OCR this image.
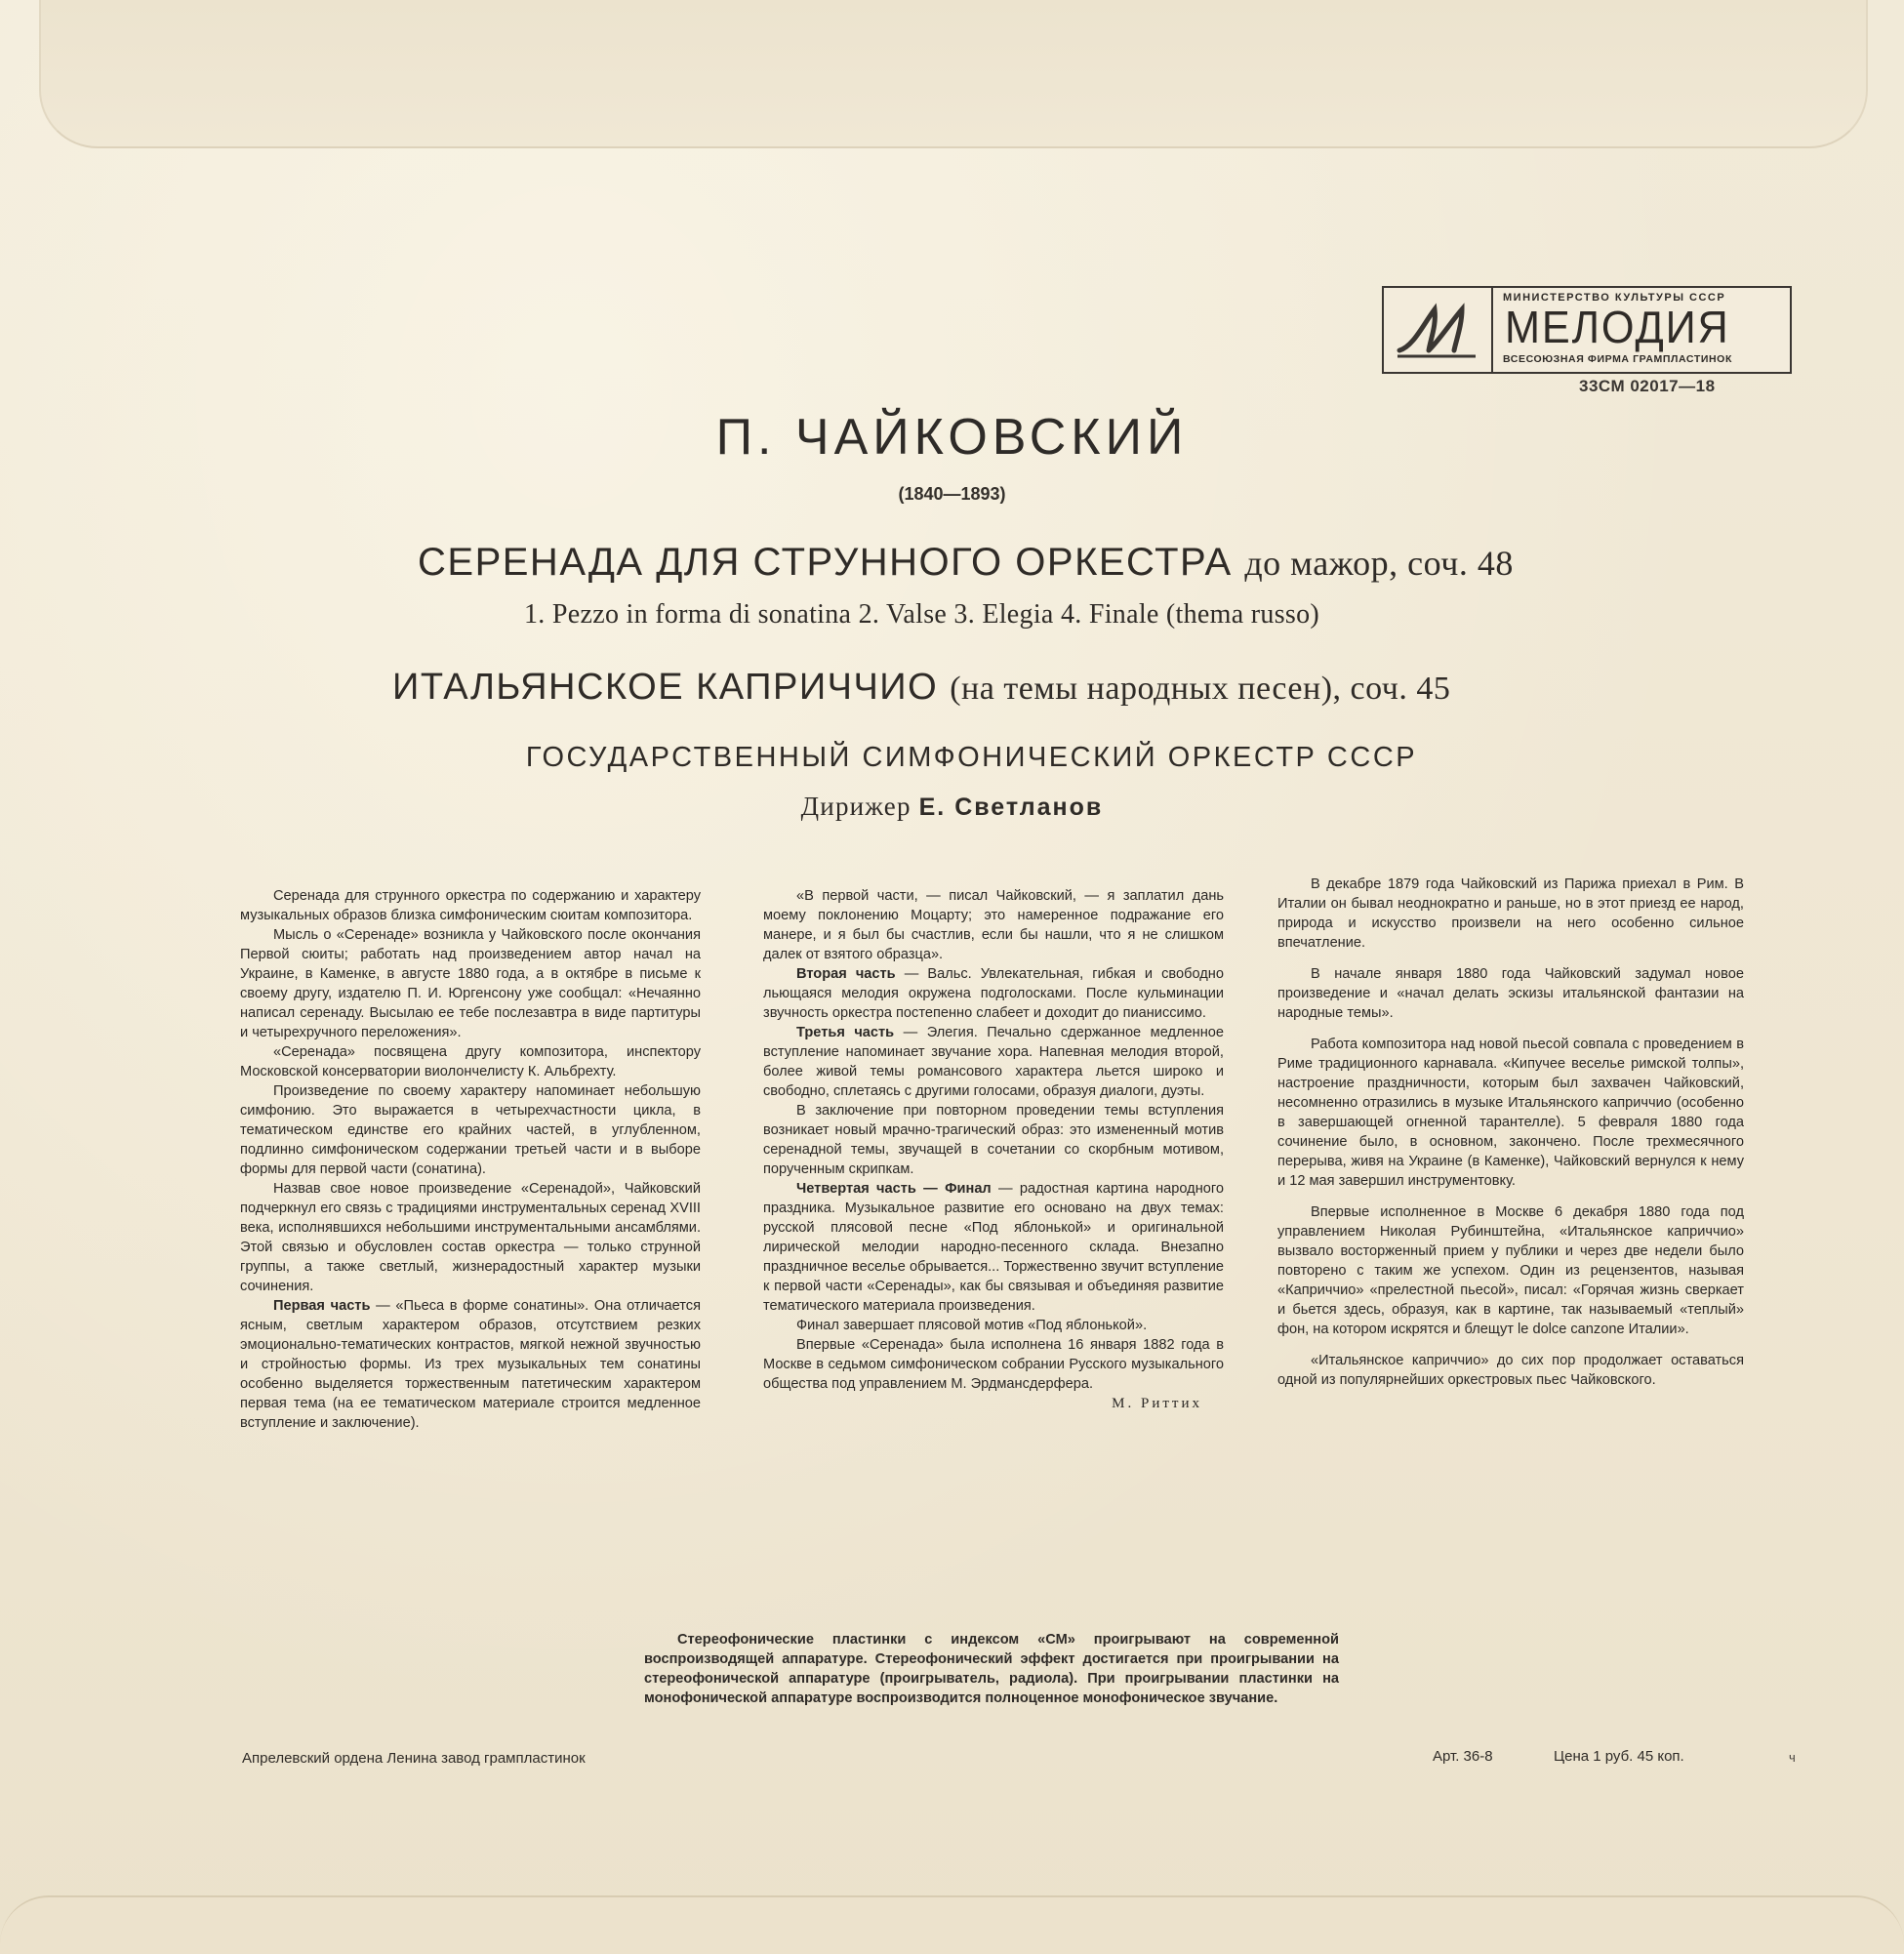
МИНИСТЕРСТВО КУЛЬТУРЫ СССР
МЕЛОДИЯ
ВСЕСОЮЗНАЯ ФИРМА ГРАМПЛАСТИНОК
33СМ 02017—18
П. ЧАЙКОВСКИЙ
(1840—1893)
СЕРЕНАДА ДЛЯ СТРУННОГО ОРКЕСТРА до мажор, соч. 48
1. Pezzo in forma di sonatina 2. Valse 3. Elegia 4. Finale (thema russo)
ИТАЛЬЯНСКОЕ КАПРИЧЧИО (на темы народных песен), соч. 45
ГОСУДАРСТВЕННЫЙ СИМФОНИЧЕСКИЙ ОРКЕСТР СССР
Дирижер Е. Светланов

Серенада для струнного оркестра по содержанию и характеру музыкальных образов близка симфоническим сюитам композитора.

Мысль о «Серенаде» возникла у Чайковского после окончания Первой сюиты; работать над произведением автор начал на Украине, в Каменке, в августе 1880 года, а в октябре в письме к своему другу, издателю П. И. Юргенсону уже сообщал: «Нечаянно написал серенаду. Высылаю ее тебе послезавтра в виде партитуры и четырехручного переложения».

«Серенада» посвящена другу композитора, инспектору Московской консерватории виолончелисту К. Альбрехту.

Произведение по своему характеру напоминает небольшую симфонию. Это выражается в четырехчастности цикла, в тематическом единстве его крайних частей, в углубленном, подлинно симфоническом содержании третьей части и в выборе формы для первой части (сонатина).

Назвав свое новое произведение «Серенадой», Чайковский подчеркнул его связь с традициями инструментальных серенад XVIII века, исполнявшихся небольшими инструментальными ансамблями. Этой связью и обусловлен состав оркестра — только струнной группы, а также светлый, жизнерадостный характер музыки сочинения.

Первая часть — «Пьеса в форме сонатины». Она отличается ясным, светлым характером образов, отсутствием резких эмоционально-тематических контрастов, мягкой нежной звучностью и стройностью формы. Из трех музыкальных тем сонатины особенно выделяется торжественным патетическим характером первая тема (на ее тематическом материале строится медленное вступление и заключение).

«В первой части, — писал Чайковский, — я заплатил дань моему поклонению Моцарту; это намеренное подражание его манере, и я был бы счастлив, если бы нашли, что я не слишком далек от взятого образца».

Вторая часть — Вальс. Увлекательная, гибкая и свободно льющаяся мелодия окружена подголосками. После кульминации звучность оркестра постепенно слабеет и доходит до пианиссимо.

Третья часть — Элегия. Печально сдержанное медленное вступление напоминает звучание хора. Напевная мелодия второй, более живой темы романсового характера льется широко и свободно, сплетаясь с другими голосами, образуя диалоги, дуэты.

В заключение при повторном проведении темы вступления возникает новый мрачно-трагический образ: это измененный мотив серенадной темы, звучащей в сочетании со скорбным мотивом, порученным скрипкам.

Четвертая часть — Финал — радостная картина народного праздника. Музыкальное развитие его основано на двух темах: русской плясовой песне «Под яблонькой» и оригинальной лирической мелодии народно-песенного склада. Внезапно праздничное веселье обрывается... Торжественно звучит вступление к первой части «Серенады», как бы связывая и объединяя развитие тематического материала произведения.

Финал завершает плясовой мотив «Под яблонькой».

Впервые «Серенада» была исполнена 16 января 1882 года в Москве в седьмом симфоническом собрании Русского музыкального общества под управлением М. Эрдмансдерфера.

М. Риттих

В декабре 1879 года Чайковский из Парижа приехал в Рим. В Италии он бывал неоднократно и раньше, но в этот приезд ее народ, природа и искусство произвели на него особенно сильное впечатление.

В начале января 1880 года Чайковский задумал новое произведение и «начал делать эскизы итальянской фантазии на народные темы».

Работа композитора над новой пьесой совпала с проведением в Риме традиционного карнавала. «Кипучее веселье римской толпы», настроение праздничности, которым был захвачен Чайковский, несомненно отразились в музыке Итальянского каприччио (особенно в завершающей огненной тарантелле). 5 февраля 1880 года сочинение было, в основном, закончено. После трехмесячного перерыва, живя на Украине (в Каменке), Чайковский вернулся к нему и 12 мая завершил инструментовку.

Впервые исполненное в Москве 6 декабря 1880 года под управлением Николая Рубинштейна, «Итальянское каприччио» вызвало восторженный прием у публики и через две недели было повторено с таким же успехом. Один из рецензентов, называя «Каприччио» «прелестной пьесой», писал: «Горячая жизнь сверкает и бьется здесь, образуя, как в картине, так называемый «теплый» фон, на котором искрятся и блещут le dolce canzone Италии».

«Итальянское каприччио» до сих пор продолжает оставаться одной из популярнейших оркестровых пьес Чайковского.

Стереофонические пластинки с индексом «СМ» проигрывают на современной воспроизводящей аппаратуре. Стереофонический эффект достигается при проигрывании на стереофонической аппаратуре (проигрыватель, радиола). При проигрывании пластинки на монофонической аппаратуре воспроизводится полноценное монофоническое звучание.

Апрелевский ордена Ленина завод грампластинок	Арт. 36-8	Цена 1 руб. 45 коп.	ч
